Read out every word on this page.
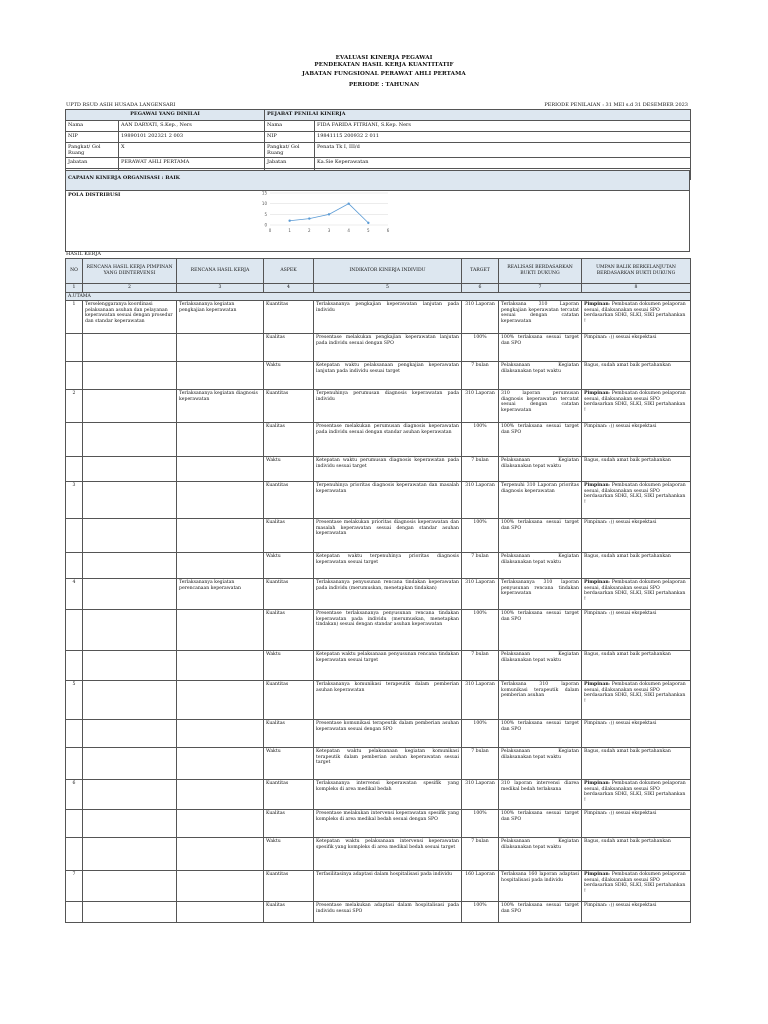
EVALUASI KINERJA PEGAWAI
PENDEKATAN HASIL KERJA KUANTITATIF
JABATAN FUNGSIONAL PERAWAT AHLI PERTAMA
PERIODE : TAHUNAN
UPTD RSUD ASIH HUSADA LANGENSARI	PERIODE PENILAIAN : 31 MEI s.d 31 DESEMBER 2023
PEGAWAI YANG DINILAI		PEJABAT PENILAI KINERJA	
Nama	AAN DARYATI, S.Kep., Ners	Nama	FIDA FARIDA FITRIANI, S.Kep. Ners
NIP	19890101 202321 2 003	NIP	19841115 200932 2 011
Pangkat/ Gol Ruang	X	Pangkat/ Gol Ruang	Penata Tk I, III/d
Jabatan	PERAWAT AHLI PERTAMA	Jabatan	Ka.Sie Keperawatan

CAPAIAN KINERJA ORGANISASI : BAIK

POLA DISTRIBUSI
0
5
10
15
0	1	2	3	4	5	6
HASIL KERJA
NO	RENCANA HASIL KERJA PIMPINAN YANG DIINTERVENSI	RENCANA HASIL KERJA	ASPEK	INDIKATOR KINERJA INDIVIDU	TARGET	REALISASI BERDASARKAN BUKTI DUKUNG	UMPAN BALIK BERKELANJUTAN BERDASARKAN BUKTI DUKUNG
1	2	3	4	5	6	7	8
A.UTAMA							
1	Terselenggaranya koordinasi pelaksanaan asuhan dan pelayanan keperawatan sesuai dengan prosedur dan standar keperawatan	Terlaksananya kegiatan pengkajian keperawatan	Kuantitas	Terlaksananya pengkajian keperawatan lanjutan pada individu	310 Laporan	Terlaksana 310 Laporan pengkajian keperawatan tercatat sesuai dengan catatan keperawatan	Pimpinan: Pembuatan dokumen pelaporan sesuai, dilaksanakan sesuai SPO berdasarkan SDKI, SLKI, SIKI pertahankan !
			Kualitas	Presentase melakukan pengkajian keperawatan lanjutan pada individu sesuai dengan SPO	100%	100% terlaksana sesuai target dan SPO	Pimpinan: :)) sesuai ekspektasi
			Waktu	Ketepatan waktu pelaksanaan pengkajian keperawatan lanjutan pada individu sesuai target	7 bulan	Pelaksanaan Kegiatan dilaksanakan tepat waktu	Bagus, sudah amat baik pertahankan
2		Terlaksananya kegiatan diagnosis keperawatan	Kuantitas	Terpenuhinya perumusan diagnosis keperawatan pada individu	310 Laporan	310 laporan perumusan diagnosis keperawatan tercatat sesuai dengan catatan keperawatan	Pimpinan: Pembuatan dokumen pelaporan sesuai, dilaksanakan sesuai SPO berdasarkan SDKI, SLKI, SIKI pertahankan !
			Kualitas	Presentase melakukan perumusan diagnosis keperawatan pada individu sesuai dengan standar asuhan keperawatan	100%	100% terlaksana sesuai target dan SPO	Pimpinan: :)) sesuai ekspektasi
			Waktu	Ketepatan waktu perumusan diagnosis keperawatan pada individu sesuai target	7 bulan	Pelaksanaan Kegiatan dilaksanakan tepat waktu	Bagus, sudah amat baik pertahankan
3			Kuantitas	Terpenuhinya prioritas diagnosis keperawatan dan masalah keperawatan	310 Laporan	Terpenuhi 310 Laporan prioritas diagnosis keperawatan	Pimpinan: Pembuatan dokumen pelaporan sesuai, dilaksanakan sesuai SPO berdasarkan SDKI, SLKI, SIKI pertahankan !
			Kualitas	Presentase melakukan prioritas diagnosis keperawatan dan masalah keperawatan sesuai dengan standar asuhan keperawatan	100%	100% terlaksana sesuai target dan SPO	Pimpinan: :)) sesuai ekspektasi
			Waktu	Ketepatan waktu terpenuhinya prioritas diagnosis keperawatan sesuai target	7 bulan	Pelaksanaan Kegiatan dilaksanakan tepat waktu	Bagus, sudah amat baik pertahankan
4		Terlaksananya kegiatan perencanaan keperawatan	Kuantitas	Terlaksananya penyusunan rencana tindakan keperawatan pada individu (merumuskan, menetapkan tindakan)	310 Laporan	Terlaksananya 310 laporan penyusunan rencana tindakan keperawatan	Pimpinan: Pembuatan dokumen pelaporan sesuai, dilaksanakan sesuai SPO berdasarkan SDKI, SLKI, SIKI pertahankan !
			Kualitas	Presentase terlaksananya penyusunan rencana tindakan keperawatan pada individu (merumuskan, menetapkan tindakan) sesuai dengan standar asuhan keperawatan	100%	100% terlaksana sesuai target dan SPO	Pimpinan: :)) sesuai ekspektasi
			Waktu	Ketepatan waktu pelaksanaan penyusunan rencana tindakan keperawatan sesuai target	7 bulan	Pelaksanaan Kegiatan dilaksanakan tepat waktu	Bagus, sudah amat baik pertahankan
5			Kuantitas	Terlaksananya komunikasi terapeutik dalam pemberian asuhan keperawatan	310 Laporan	Terlaksana 310 laporan komunikasi terapeutik dalam pemberian asuhan	Pimpinan: Pembuatan dokumen pelaporan sesuai, dilaksanakan sesuai SPO berdasarkan SDKI, SLKI, SIKI pertahankan !
			Kualitas	Presentase komunikasi terapeutik dalam pemberian asuhan keperawatan sesuai dengan SPO	100%	100% terlaksana sesuai target dan SPO	Pimpinan: :)) sesuai ekspektasi
			Waktu	Ketepatan waktu pelaksanaan kegiatan komunikasi terapeutik dalam pemberian asuhan keperawatan sesuai target	7 bulan	Pelaksanaan Kegiatan dilaksanakan tepat waktu	Bagus, sudah amat baik pertahankan
6			Kuantitas	Terlaksananya intervensi keperawatan spesifik yang kompleks di area medikal bedah	310 Laporan	310 laporan intervensi diarea medikal bedah terlaksana	Pimpinan: Pembuatan dokumen pelaporan sesuai, dilaksanakan sesuai SPO berdasarkan SDKI, SLKI, SIKI pertahankan !
			Kualitas	Presentase melakukan intervensi keperawatan spesifik yang kompleks di area medikal bedah sesuai dengan SPO	100%	100% terlaksana sesuai target dan SPO	Pimpinan: :)) sesuai ekspektasi
			Waktu	Ketepatan waktu pelaksanaan intervensi keperawatan spesifik yang kompleks di area medikal bedah sesuai target	7 bulan	Pelaksanaan Kegiatan dilaksanakan tepat waktu	Bagus, sudah amat baik pertahankan
7			Kuantitas	Terfasilitasinya adaptasi dalam hospitalisasi pada individu	160 Laporan	Terlaksana 160 laporan adaptasi hospitalisasi pada individu	Pimpinan: Pembuatan dokumen pelaporan sesuai, dilaksanakan sesuai SPO berdasarkan SDKI, SLKI, SIKI pertahankan !
			Kualitas	Presentase melakukan adaptasi dalam hospitalisasi pada individu sesuai SPO	100%	100% terlaksana sesuai target dan SPO	Pimpinan: :)) sesuai ekspektasi
